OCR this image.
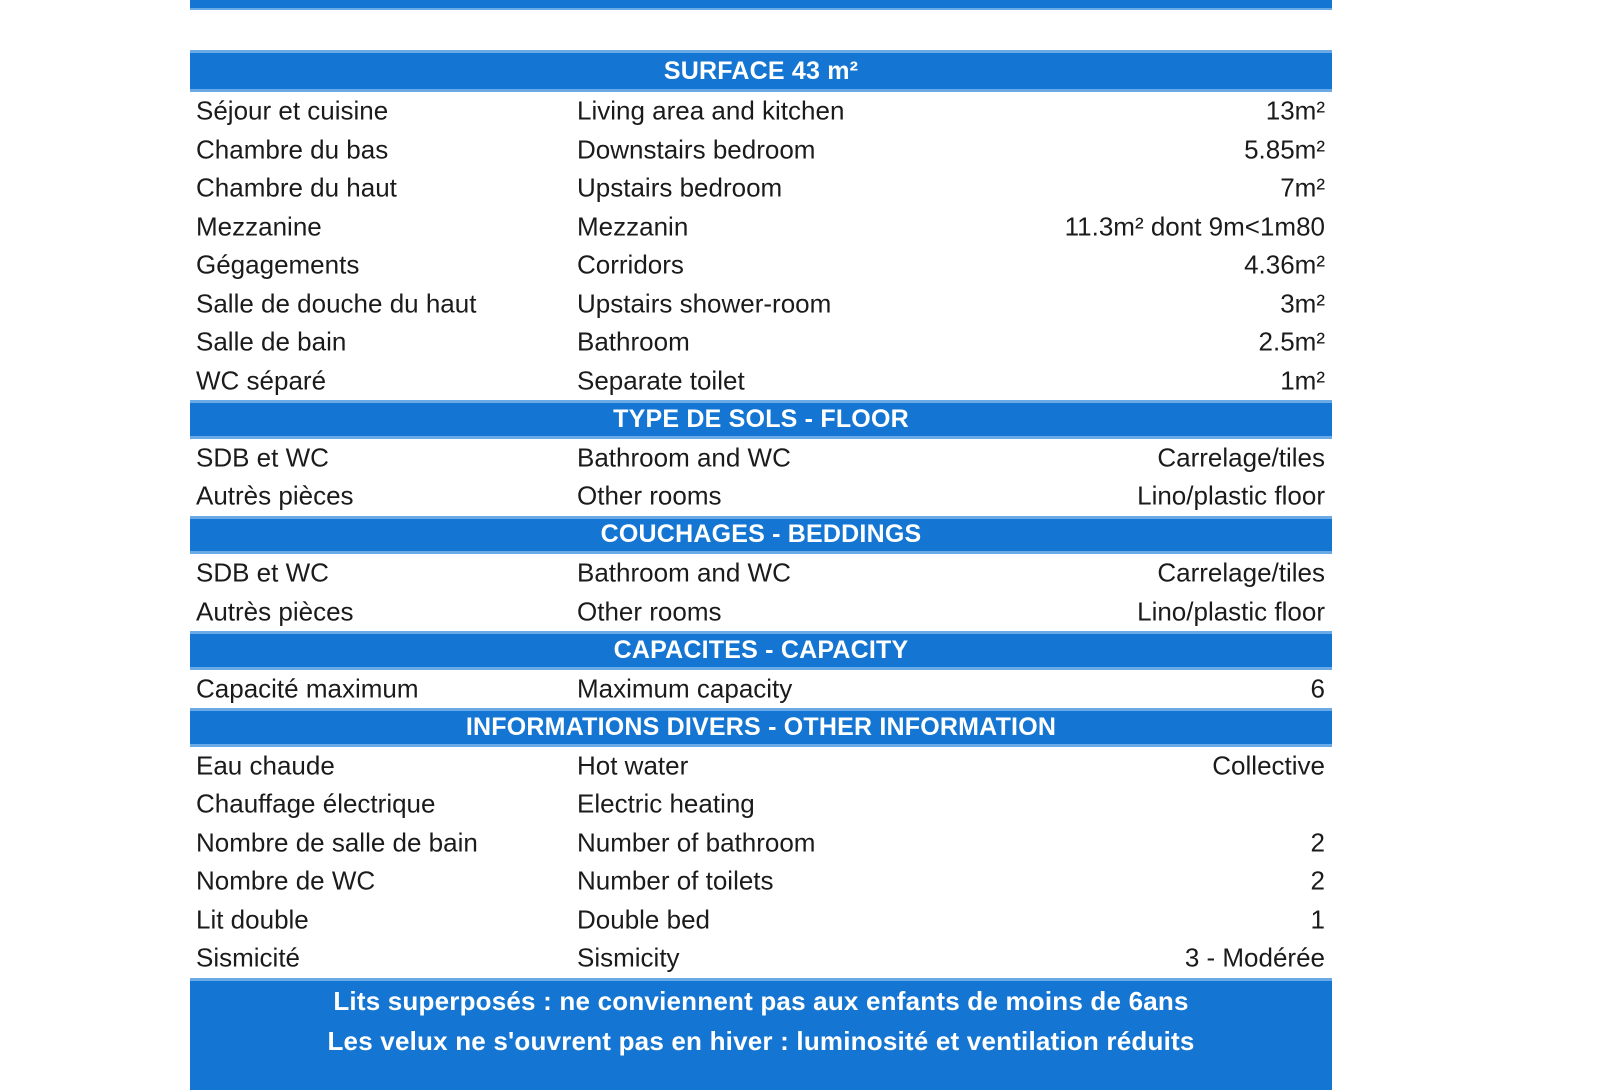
SURFACE 43 m²
Séjour et cuisine	Living area and kitchen	13m²
Chambre du bas	Downstairs bedroom	5.85m²
Chambre du haut	Upstairs bedroom	7m²
Mezzanine	Mezzanin	11.3m² dont 9m<1m80
Gégagements	Corridors	4.36m²
Salle de douche du haut	Upstairs shower-room	3m²
Salle de bain	Bathroom	2.5m²
WC séparé	Separate toilet	1m²
TYPE DE SOLS - FLOOR
SDB et WC	Bathroom and WC	Carrelage/tiles
Autrès pièces	Other rooms	Lino/plastic floor
COUCHAGES - BEDDINGS
SDB et WC	Bathroom and WC	Carrelage/tiles
Autrès pièces	Other rooms	Lino/plastic floor
CAPACITES - CAPACITY
Capacité maximum	Maximum capacity	6
INFORMATIONS DIVERS - OTHER INFORMATION
Eau chaude	Hot water	Collective
Chauffage électrique	Electric heating
Nombre de salle de bain	Number of bathroom	2
Nombre de WC	Number of toilets	2
Lit double	Double bed	1
Sismicité	Sismicity	3 - Modérée
Lits superposés : ne conviennent pas aux enfants de moins de 6ans
Les velux ne s'ouvrent pas en hiver : luminosité et ventilation réduits
